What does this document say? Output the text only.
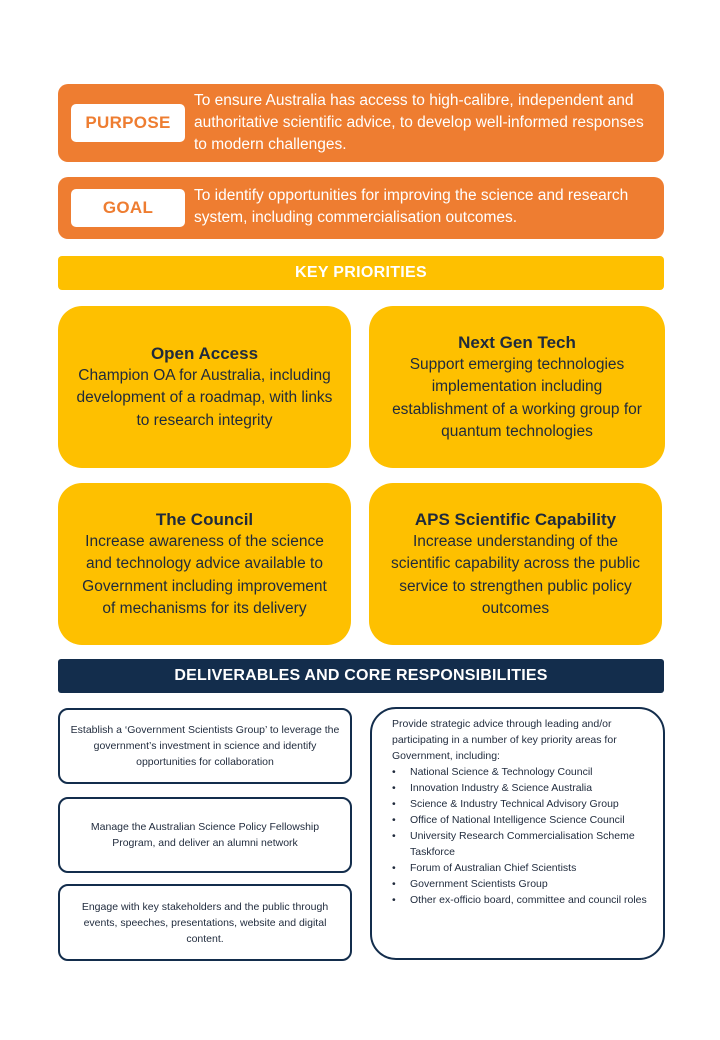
PURPOSE
To ensure Australia has access to high-calibre, independent and authoritative scientific advice, to develop well-informed responses to modern challenges.
GOAL
To identify opportunities for improving the science and research system, including commercialisation outcomes.
KEY PRIORITIES
Open Access
Champion OA for Australia, including development of a roadmap, with links to research integrity
Next Gen Tech
Support emerging technologies implementation including establishment of a working group for quantum technologies
The Council
Increase awareness of the science and technology advice available to Government including improvement of mechanisms for its delivery
APS Scientific Capability
Increase understanding of the scientific capability across the public service to strengthen public policy outcomes
DELIVERABLES AND CORE RESPONSIBILITIES
Establish a ‘Government Scientists Group’ to leverage the government’s investment in science and identify opportunities for collaboration
Manage the Australian Science Policy Fellowship Program, and deliver an alumni network
Engage with key stakeholders and the public through events, speeches, presentations, website and digital content.
Provide strategic advice through leading and/or participating in a number of key priority areas for Government, including:
• National Science & Technology Council
• Innovation Industry & Science Australia
• Science & Industry Technical Advisory Group
• Office of National Intelligence Science Council
• University Research Commercialisation Scheme Taskforce
• Forum of Australian Chief Scientists
• Government Scientists Group
• Other ex-officio board, committee and council roles
